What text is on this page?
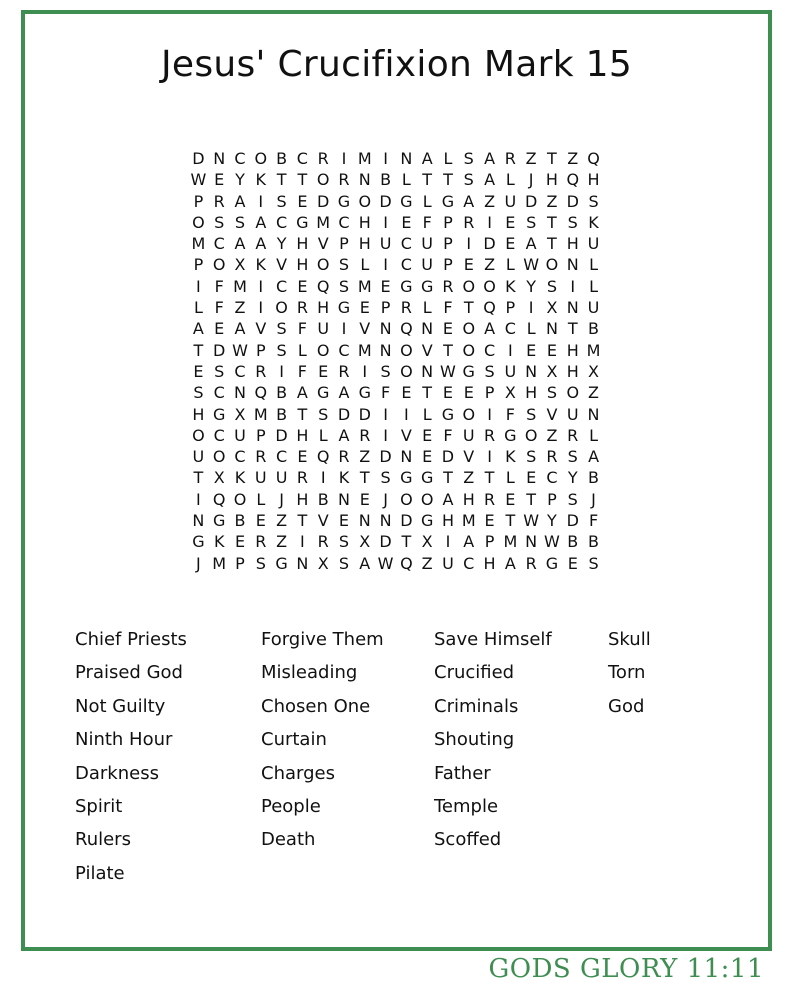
Jesus' Crucifixion Mark 15
D N C O B C R I M I N A L S A R Z T Z Q
W E Y K T T O R N B L T T S A L J H Q H
P R A I S E D G O D G L G A Z U D Z D S
O S S A C G M C H I E F P R I E S T S K
M C A A Y H V P H U C U P I D E A T H U
P O X K V H O S L I C U P E Z L W O N L
I F M I C E Q S M E G G R O O K Y S I L
L F Z I O R H G E P R L F T Q P I X N U
A E A V S F U I V N Q N E O A C L N T B
T D W P S L O C M N O V T O C I E E H M
E S C R I F E R I S O N W G S U N X H X
S C N Q B A G A G F E T E E P X H S O Z
H G X M B T S D D I I L G O I F S V U N
O C U P D H L A R I V E F U R G O Z R L
U O C R C E Q R Z D N E D V I K S R S A
T X K U U R I K T S G G T Z T L E C Y B
I Q O L J H B N E J O O A H R E T P S J
N G B E Z T V E N N D G H M E T W Y D F
G K E R Z I R S X D T X I A P M N W B B
J M P S G N X S A W Q Z U C H A R G E S
Chief Priests
Praised God
Not Guilty
Ninth Hour
Darkness
Spirit
Rulers
Pilate
Forgive Them
Misleading
Chosen One
Curtain
Charges
People
Death
Save Himself
Crucified
Criminals
Shouting
Father
Temple
Scoffed
Skull
Torn
God
GODS GLORY 11:11
